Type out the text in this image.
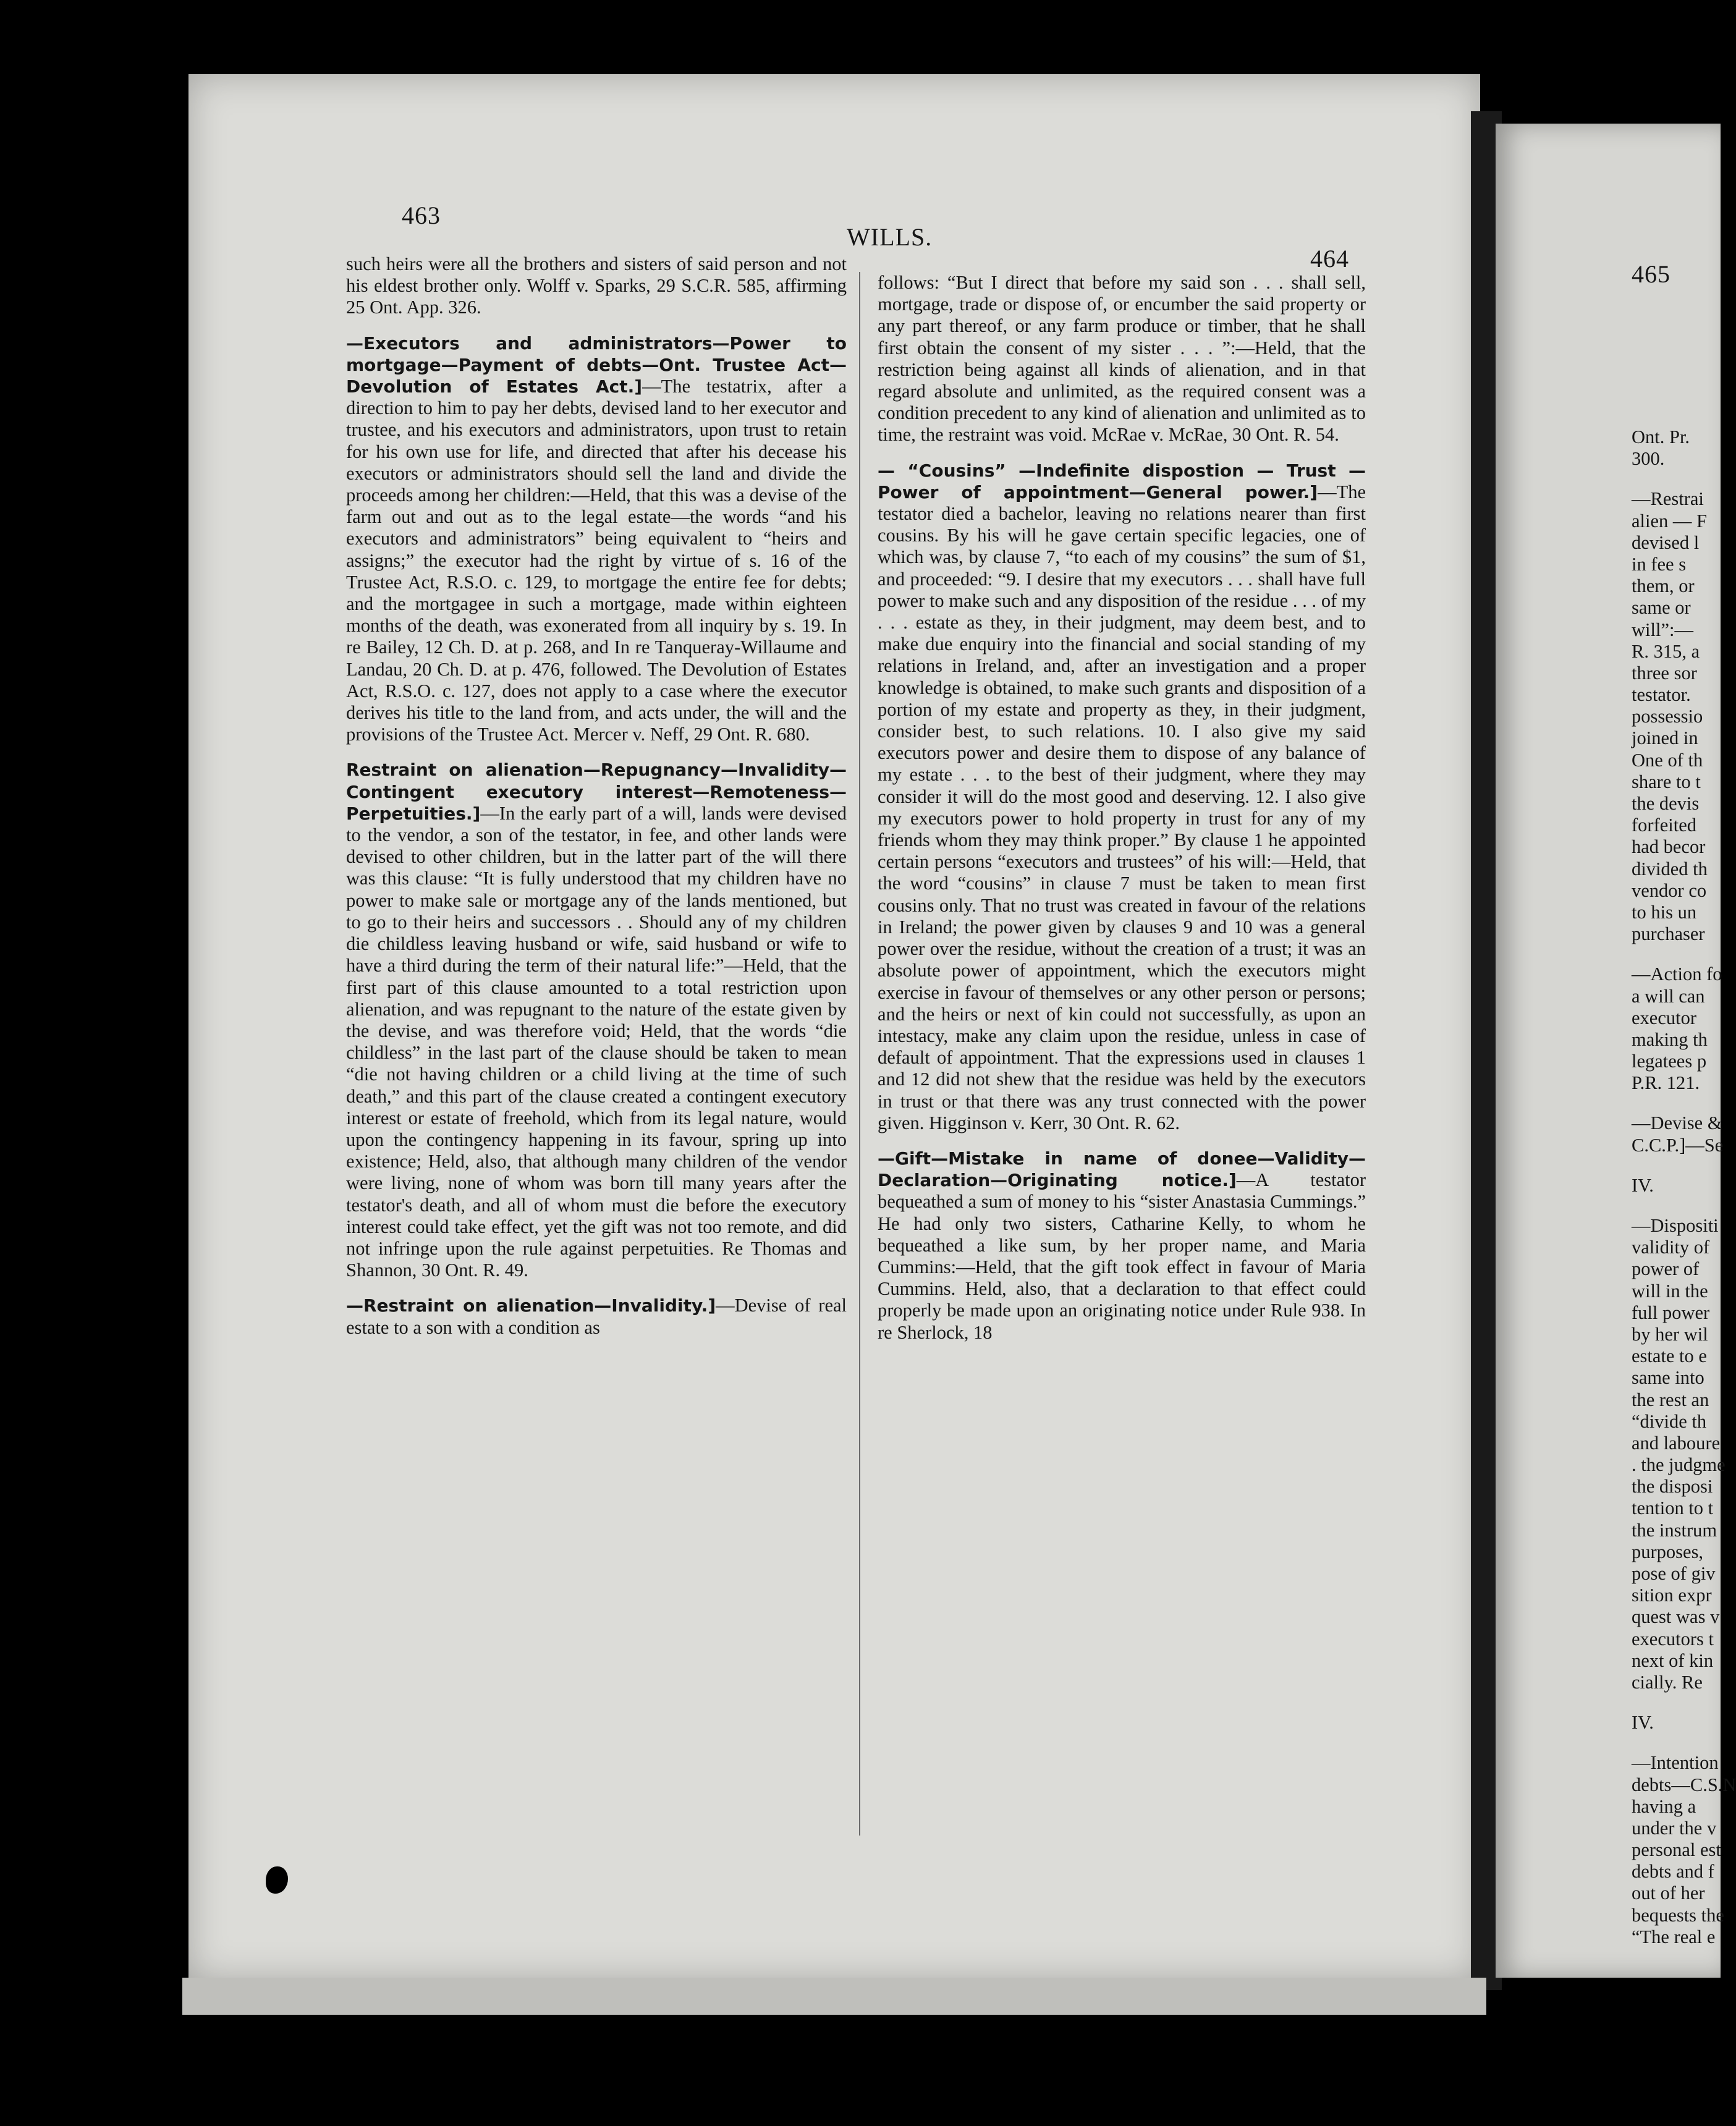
463
WILLS.
464
465

such heirs were all the brothers and sisters of said person and not his eldest brother only. Wolff v. Sparks, 29 S.C.R. 585, affirming 25 Ont. App. 326.

—Executors and administrators—Power to mortgage—Payment of debts—Ont. Trustee Act—Devolution of Estates Act.]—The testatrix, after a direction to him to pay her debts, devised land to her executor and trustee, and his executors and administrators, upon trust to retain for his own use for life, and directed that after his decease his executors or administrators should sell the land and divide the proceeds among her children:—Held, that this was a devise of the farm out and out as to the legal estate—the words “and his executors and administrators” being equivalent to “heirs and assigns;” the executor had the right by virtue of s. 16 of the Trustee Act, R.S.O. c. 129, to mortgage the entire fee for debts; and the mortgagee in such a mortgage, made within eighteen months of the death, was exonerated from all inquiry by s. 19. In re Bailey, 12 Ch. D. at p. 268, and In re Tanqueray-Willaume and Landau, 20 Ch. D. at p. 476, followed. The Devolution of Estates Act, R.S.O. c. 127, does not apply to a case where the executor derives his title to the land from, and acts under, the will and the provisions of the Trustee Act. Mercer v. Neff, 29 Ont. R. 680.

Restraint on alienation—Repugnancy—Invalidity—Contingent executory interest—Remoteness—Perpetuities.]—In the early part of a will, lands were devised to the vendor, a son of the testator, in fee, and other lands were devised to other children, but in the latter part of the will there was this clause: “It is fully understood that my children have no power to make sale or mortgage any of the lands mentioned, but to go to their heirs and successors . . Should any of my children die childless leaving husband or wife, said husband or wife to have a third during the term of their natural life:”—Held, that the first part of this clause amounted to a total restriction upon alienation, and was repugnant to the nature of the estate given by the devise, and was therefore void; Held, that the words “die childless” in the last part of the clause should be taken to mean “die not having children or a child living at the time of such death,” and this part of the clause created a contingent executory interest or estate of freehold, which from its legal nature, would upon the contingency happening in its favour, spring up into existence; Held, also, that although many children of the vendor were living, none of whom was born till many years after the testator's death, and all of whom must die before the executory interest could take effect, yet the gift was not too remote, and did not infringe upon the rule against perpetuities. Re Thomas and Shannon, 30 Ont. R. 49.

—Restraint on alienation—Invalidity.]—Devise of real estate to a son with a condition as

follows: “But I direct that before my said son . . . shall sell, mortgage, trade or dispose of, or encumber the said property or any part thereof, or any farm produce or timber, that he shall first obtain the consent of my sister . . . ”:—Held, that the restriction being against all kinds of alienation, and in that regard absolute and unlimited, as the required consent was a condition precedent to any kind of alienation and unlimited as to time, the restraint was void. McRae v. McRae, 30 Ont. R. 54.

— “Cousins” —Indefinite dispostion — Trust — Power of appointment—General power.]—The testator died a bachelor, leaving no relations nearer than first cousins. By his will he gave certain specific legacies, one of which was, by clause 7, “to each of my cousins” the sum of $1, and proceeded: “9. I desire that my executors . . . shall have full power to make such and any disposition of the residue . . . of my . . . estate as they, in their judgment, may deem best, and to make due enquiry into the financial and social standing of my relations in Ireland, and, after an investigation and a proper knowledge is obtained, to make such grants and disposition of a portion of my estate and property as they, in their judgment, consider best, to such relations. 10. I also give my said executors power and desire them to dispose of any balance of my estate . . . to the best of their judgment, where they may consider it will do the most good and deserving. 12. I also give my executors power to hold property in trust for any of my friends whom they may think proper.” By clause 1 he appointed certain persons “executors and trustees” of his will:—Held, that the word “cousins” in clause 7 must be taken to mean first cousins only. That no trust was created in favour of the relations in Ireland; the power given by clauses 9 and 10 was a general power over the residue, without the creation of a trust; it was an absolute power of appointment, which the executors might exercise in favour of themselves or any other person or persons; and the heirs or next of kin could not successfully, as upon an intestacy, make any claim upon the residue, unless in case of default of appointment. That the expressions used in clauses 1 and 12 did not shew that the residue was held by the executors in trust or that there was any trust connected with the power given. Higginson v. Kerr, 30 Ont. R. 62.

—Gift—Mistake in name of donee—Validity—Declaration—Originating notice.]—A testator bequeathed a sum of money to his “sister Anastasia Cummings.” He had only two sisters, Catharine Kelly, to whom he bequeathed a like sum, by her proper name, and Maria Cummins:—Held, that the gift took effect in favour of Maria Cummins. Held, also, that a declaration to that effect could properly be made upon an originating notice under Rule 938. In re Sherlock, 18

Ont. Pr.
300.
—Restrai
alien — F
devised l
in fee s
them, or
same or
will”:—
R. 315, a
three sor
testator.
possessio
joined in
One of th
share to t
the devis
forfeited
had becor
divided th
vendor co
to his un
purchaser
—Action fo
a will can
executor
making th
legatees p
P.R. 121.
—Devise &
C.C.P.]—Se
IV.
—Dispositi
validity of
power of
will in the
full power
by her wil
estate to e
same into
the rest an
“divide th
and laboure
. the judgme
the disposi
tention to t
the instrum
purposes,
pose of giv
sition expr
quest was v
executors t
next of kin
cially. Re
IV.
—Intention
debts—C.S.N
having a
under the v
personal est
debts and f
out of her
bequests the
“The real e
